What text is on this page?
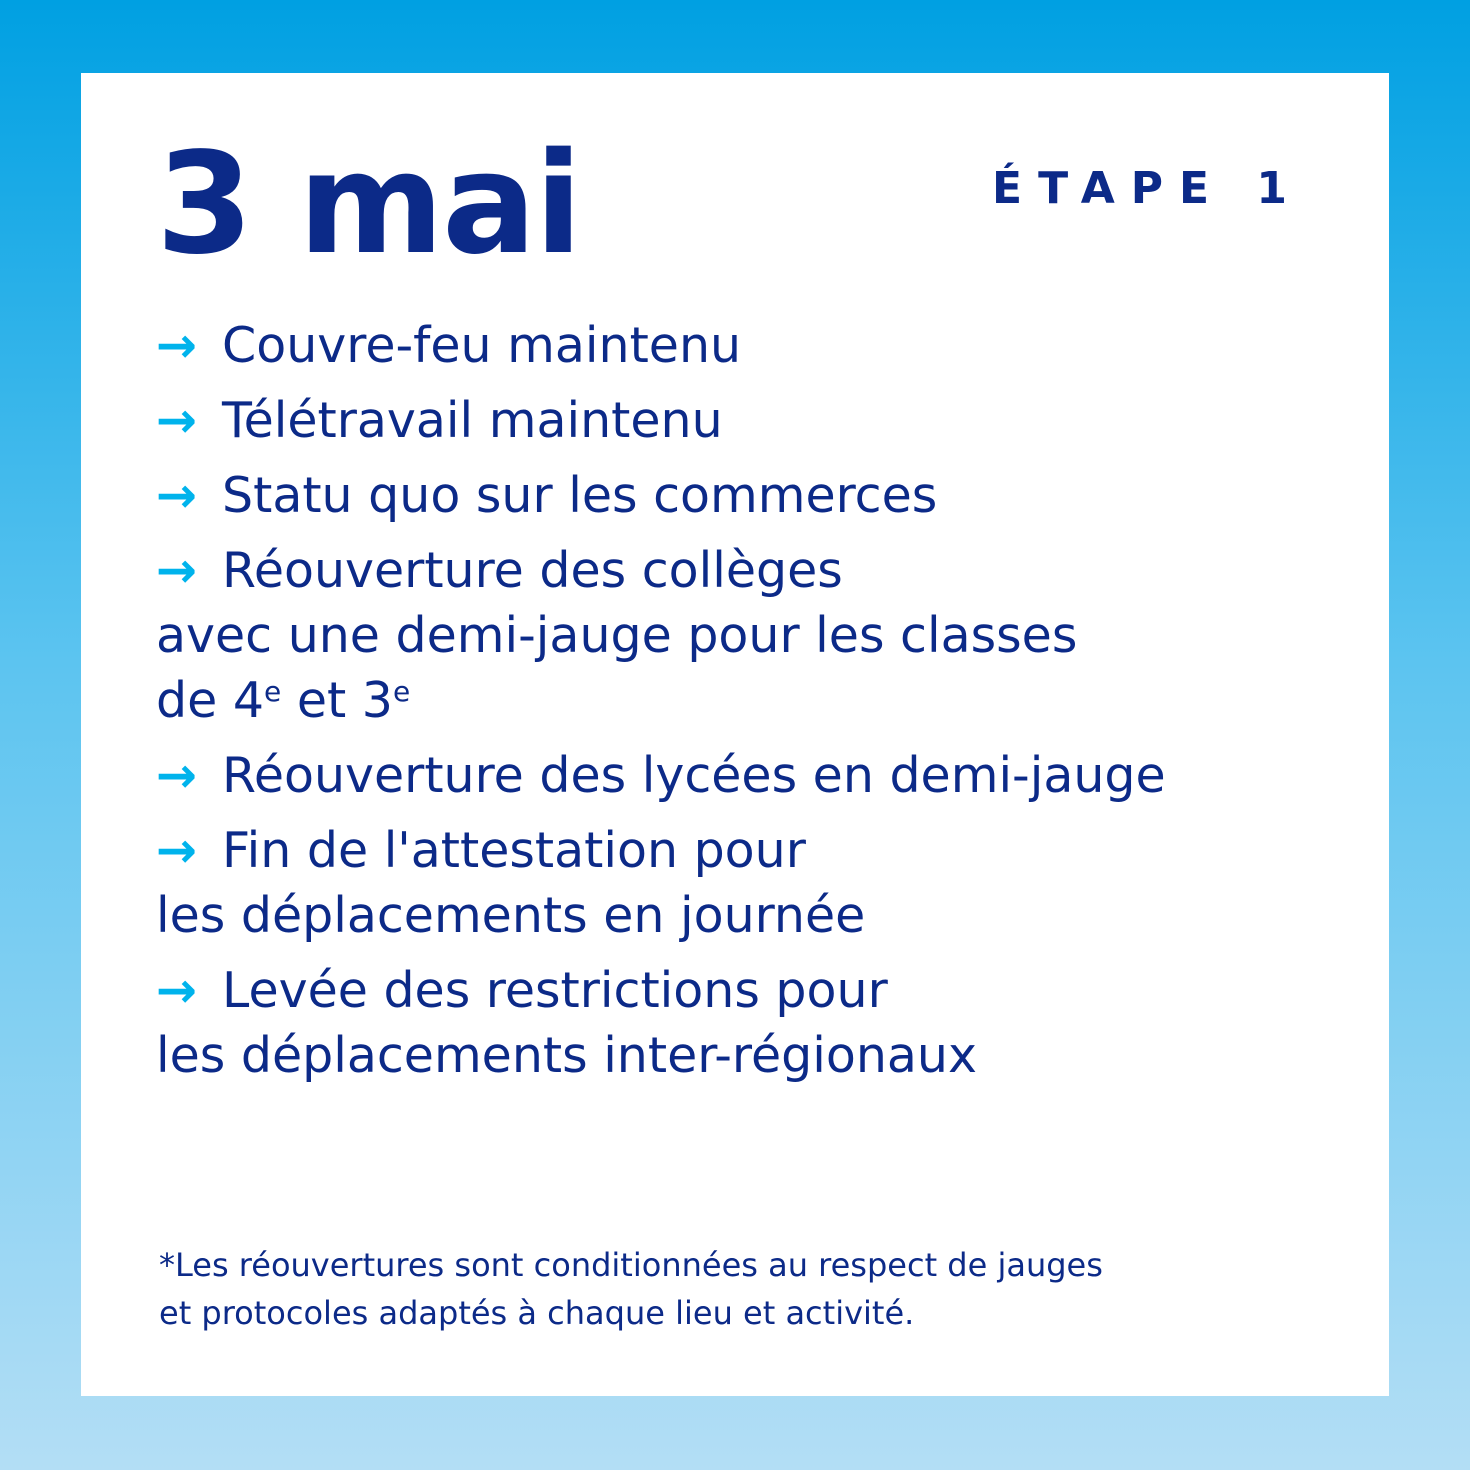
3 mai	ÉTAPE 1
→ Couvre-feu maintenu
→ Télétravail maintenu
→ Statu quo sur les commerces
→ Réouverture des collèges
avec une demi-jauge pour les classes
de 4e et $3^e$
→ Réouverture des lycées en demi-jauge
→ Fin de l'attestation pour
les déplacements en journée
→ Levée des restrictions pour
les déplacements inter-régionaux
*Les réouvertures sont conditionnées au respect de jauges
et protocoles adaptés à chaque lieu et activité.
